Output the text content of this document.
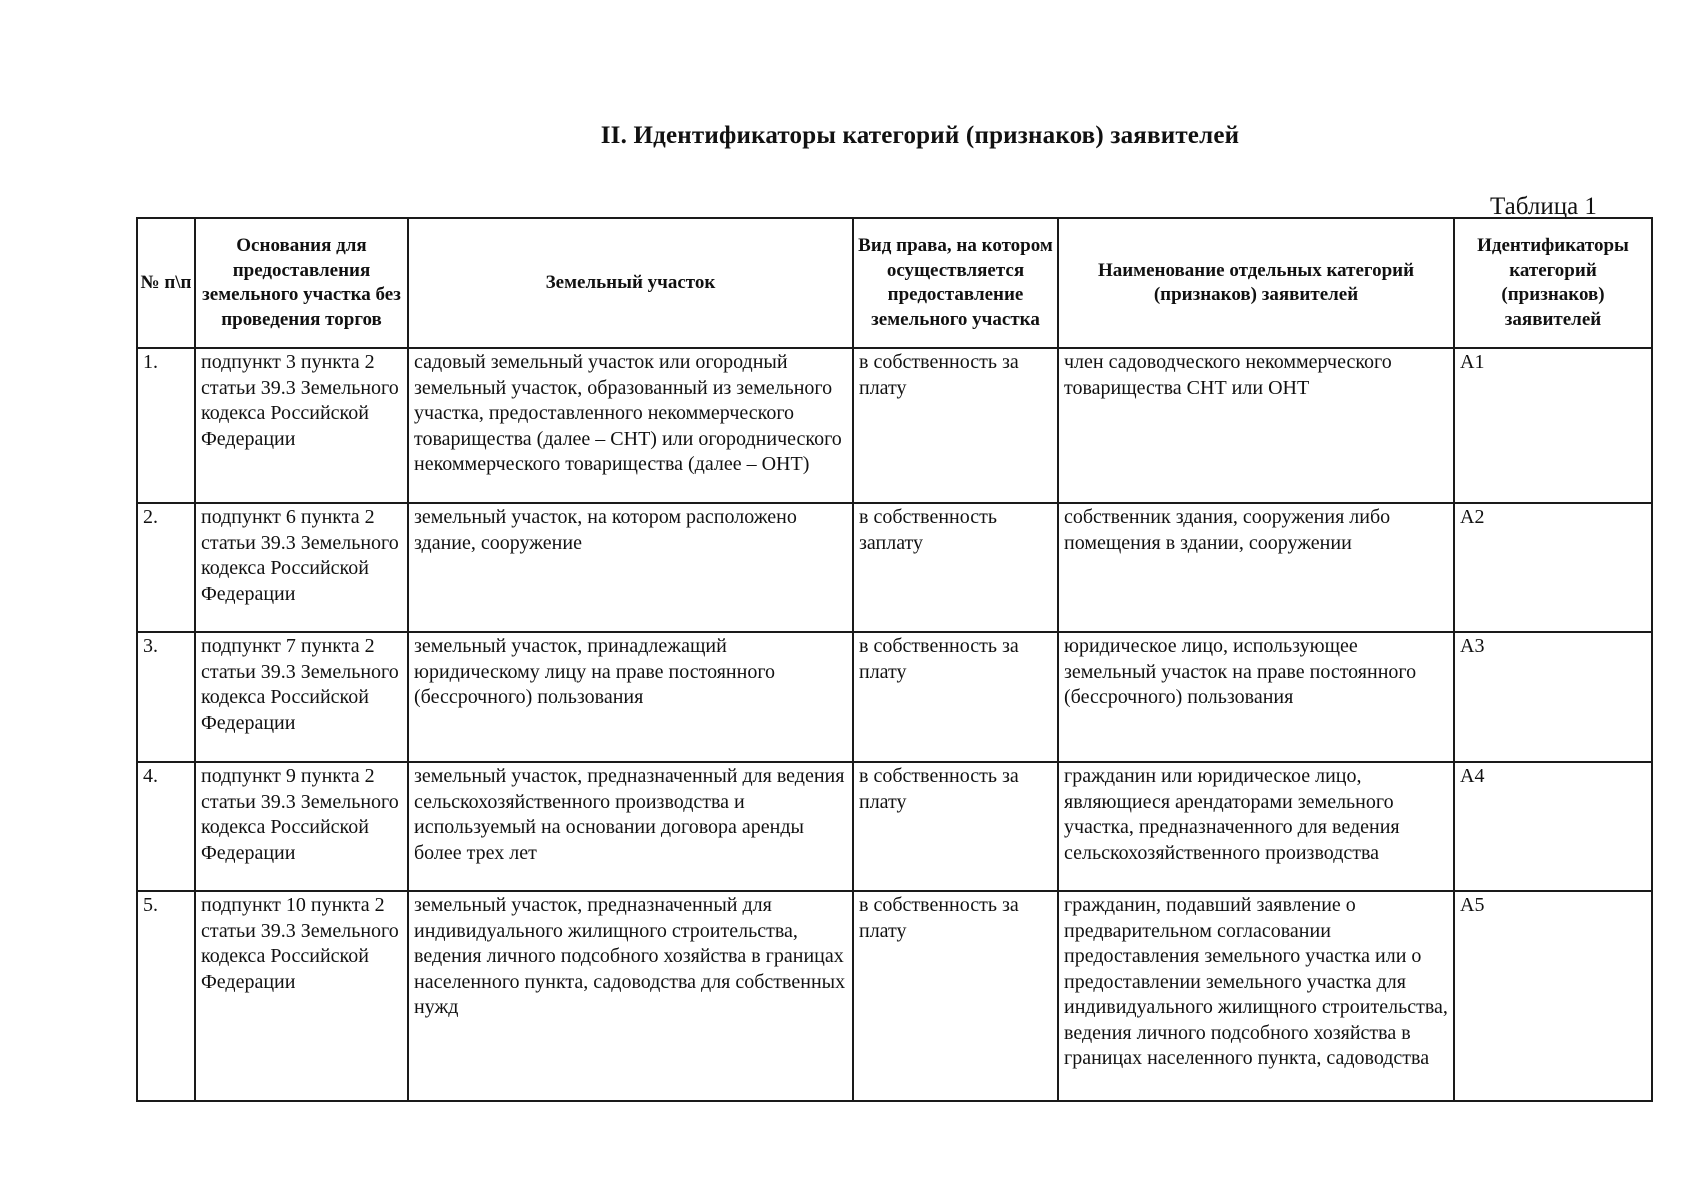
II. Идентификаторы категорий (признаков) заявителей
Таблица 1
№ п\п	Основания для предоставления земельного участка без проведения торгов	Земельный участок	Вид права, на котором осуществляется предоставление земельного участка	Наименование отдельных категорий (признаков) заявителей	Идентификаторы категорий (признаков) заявителей
1.	подпункт 3 пункта 2 статьи 39.3 Земельного кодекса Российской Федерации	садовый земельный участок или огородный земельный участок, образованный из земельного участка, предоставленного некоммерческого товарищества (далее – СНТ) или огороднического некоммерческого товарищества (далее – ОНТ)	в собственность за плату	член садоводческого некоммерческого товарищества СНТ или ОНТ	А1
2.	подпункт 6 пункта 2 статьи 39.3 Земельного кодекса Российской Федерации	земельный участок, на котором расположено здание, сооружение	в собственность заплату	собственник здания, сооружения либо помещения в здании, сооружении	А2
3.	подпункт 7 пункта 2 статьи 39.3 Земельного кодекса Российской Федерации	земельный участок, принадлежащий юридическому лицу на праве постоянного (бессрочного) пользования	в собственность за плату	юридическое лицо, использующее земельный участок на праве постоянного (бессрочного) пользования	А3
4.	подпункт 9 пункта 2 статьи 39.3 Земельного кодекса Российской Федерации	земельный участок, предназначенный для ведения сельскохозяйственного производства и используемый на основании договора аренды более трех лет	в собственность за плату	гражданин или юридическое лицо, являющиеся арендаторами земельного участка, предназначенного для ведения сельскохозяйственного производства	А4
5.	подпункт 10 пункта 2 статьи 39.3 Земельного кодекса Российской Федерации	земельный участок, предназначенный для индивидуального жилищного строительства, ведения личного подсобного хозяйства в границах населенного пункта, садоводства для собственных нужд	в собственность за плату	гражданин, подавший заявление о предварительном согласовании предоставления земельного участка или о предоставлении земельного участка для индивидуального жилищного строительства, ведения личного подсобного хозяйства в границах населенного пункта, садоводства	А5
